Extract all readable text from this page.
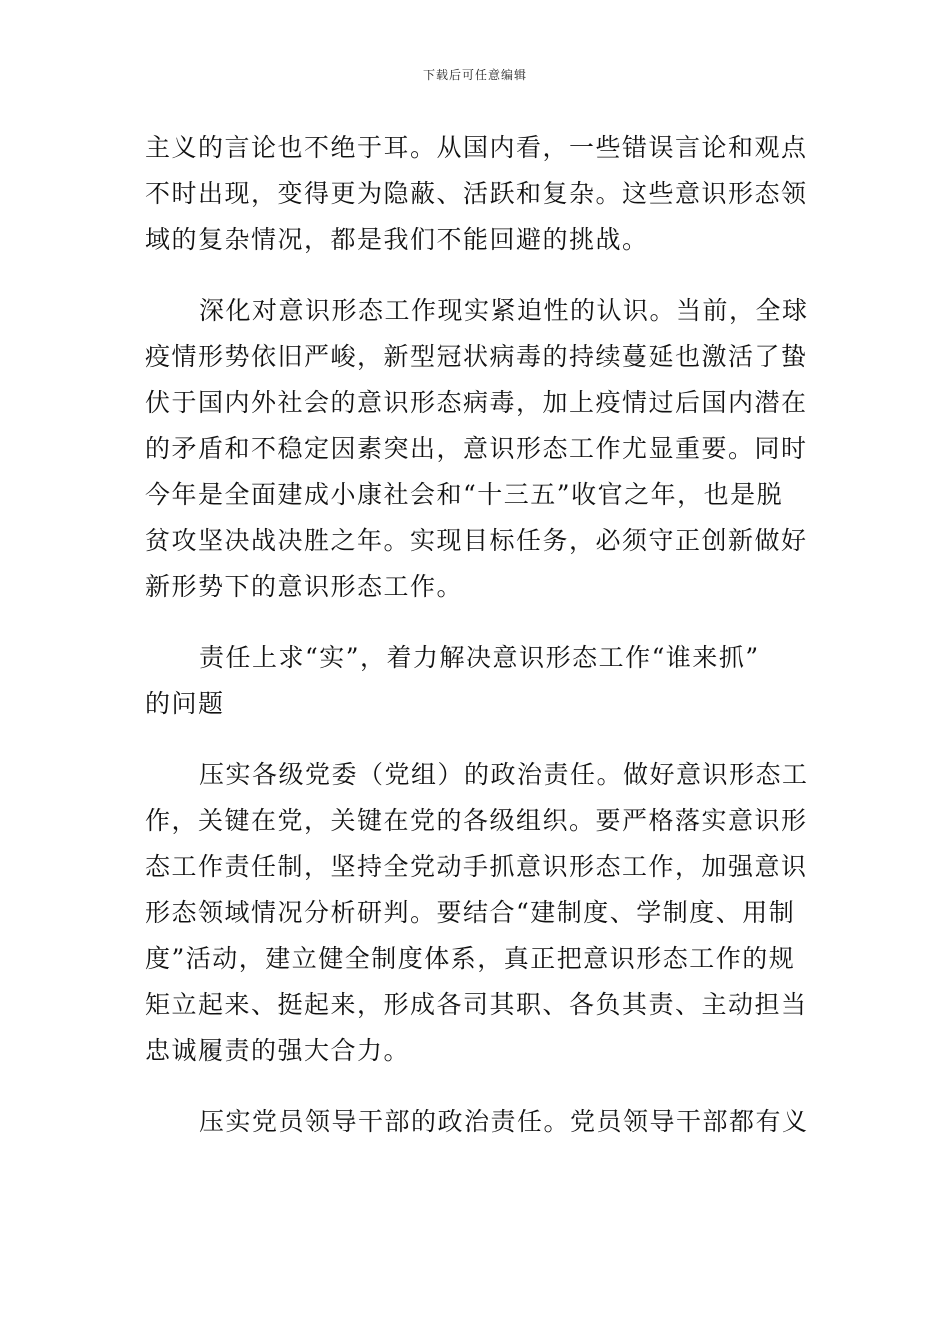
下载后可任意编辑

主义的言论也不绝于耳。从国内看，一些错误言论和观点
不时出现，变得更为隐蔽、活跃和复杂。这些意识形态领
域的复杂情况，都是我们不能回避的挑战。

深化对意识形态工作现实紧迫性的认识。当前，全球
疫情形势依旧严峻，新型冠状病毒的持续蔓延也激活了蛰
伏于国内外社会的意识形态病毒，加上疫情过后国内潜在
的矛盾和不稳定因素突出，意识形态工作尤显重要。同时
今年是全面建成小康社会和“十三五”收官之年，也是脱
贫攻坚决战决胜之年。实现目标任务，必须守正创新做好
新形势下的意识形态工作。

责任上求“实”，着力解决意识形态工作“谁来抓”
的问题

压实各级党委（党组）的政治责任。做好意识形态工
作，关键在党，关键在党的各级组织。要严格落实意识形
态工作责任制，坚持全党动手抓意识形态工作，加强意识
形态领域情况分析研判。要结合“建制度、学制度、用制
度”活动，建立健全制度体系，真正把意识形态工作的规
矩立起来、挺起来，形成各司其职、各负其责、主动担当
忠诚履责的强大合力。

压实党员领导干部的政治责任。党员领导干部都有义
